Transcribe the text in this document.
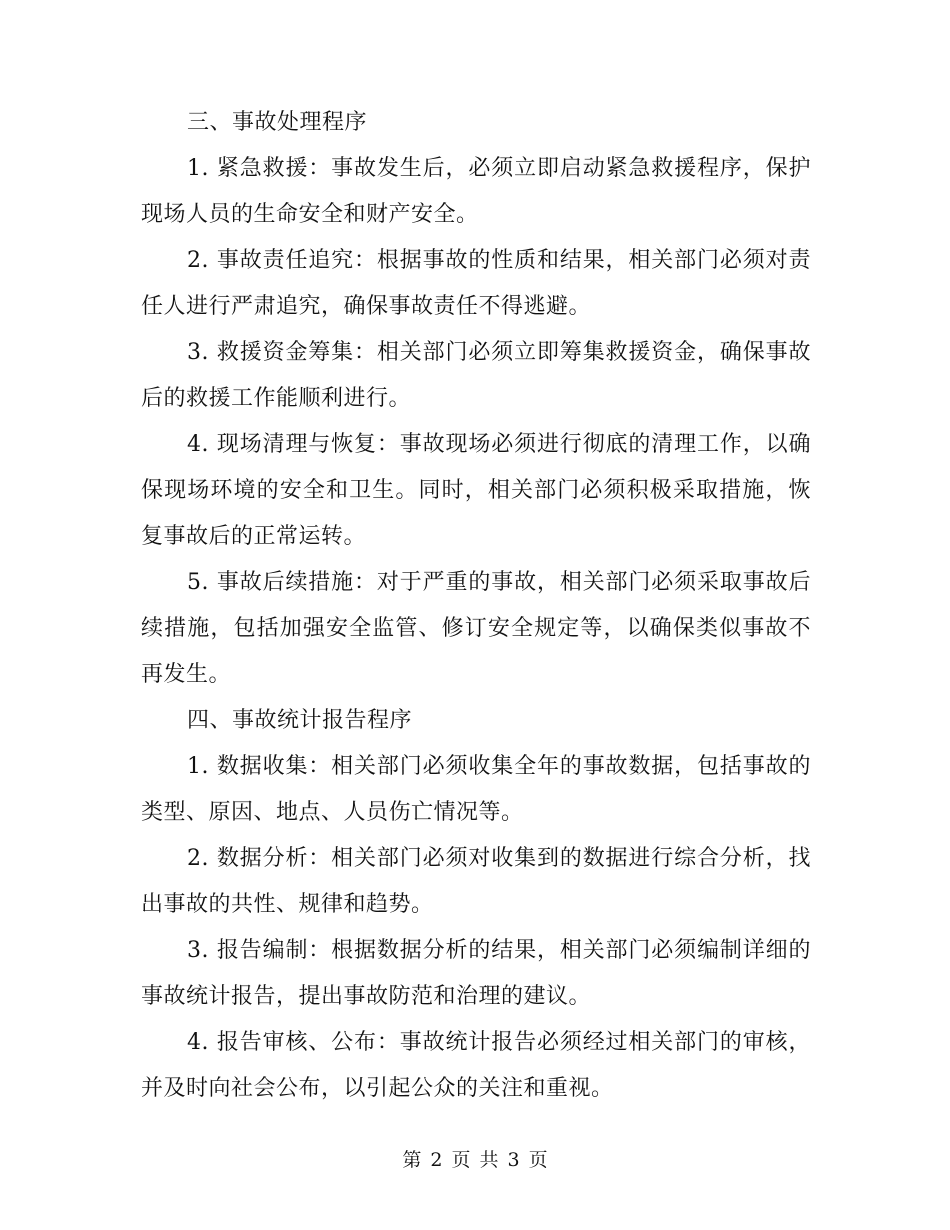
三、事故处理程序

1. 紧急救援：事故发生后，必须立即启动紧急救援程序，保护现场人员的生命安全和财产安全。

2. 事故责任追究：根据事故的性质和结果，相关部门必须对责任人进行严肃追究，确保事故责任不得逃避。

3. 救援资金筹集：相关部门必须立即筹集救援资金，确保事故后的救援工作能顺利进行。

4. 现场清理与恢复：事故现场必须进行彻底的清理工作，以确保现场环境的安全和卫生。同时，相关部门必须积极采取措施，恢复事故后的正常运转。

5. 事故后续措施：对于严重的事故，相关部门必须采取事故后续措施，包括加强安全监管、修订安全规定等，以确保类似事故不再发生。

四、事故统计报告程序

1. 数据收集：相关部门必须收集全年的事故数据，包括事故的类型、原因、地点、人员伤亡情况等。

2. 数据分析：相关部门必须对收集到的数据进行综合分析，找出事故的共性、规律和趋势。

3. 报告编制：根据数据分析的结果，相关部门必须编制详细的事故统计报告，提出事故防范和治理的建议。

4. 报告审核、公布：事故统计报告必须经过相关部门的审核，并及时向社会公布，以引起公众的关注和重视。

第 2 页 共 3 页
